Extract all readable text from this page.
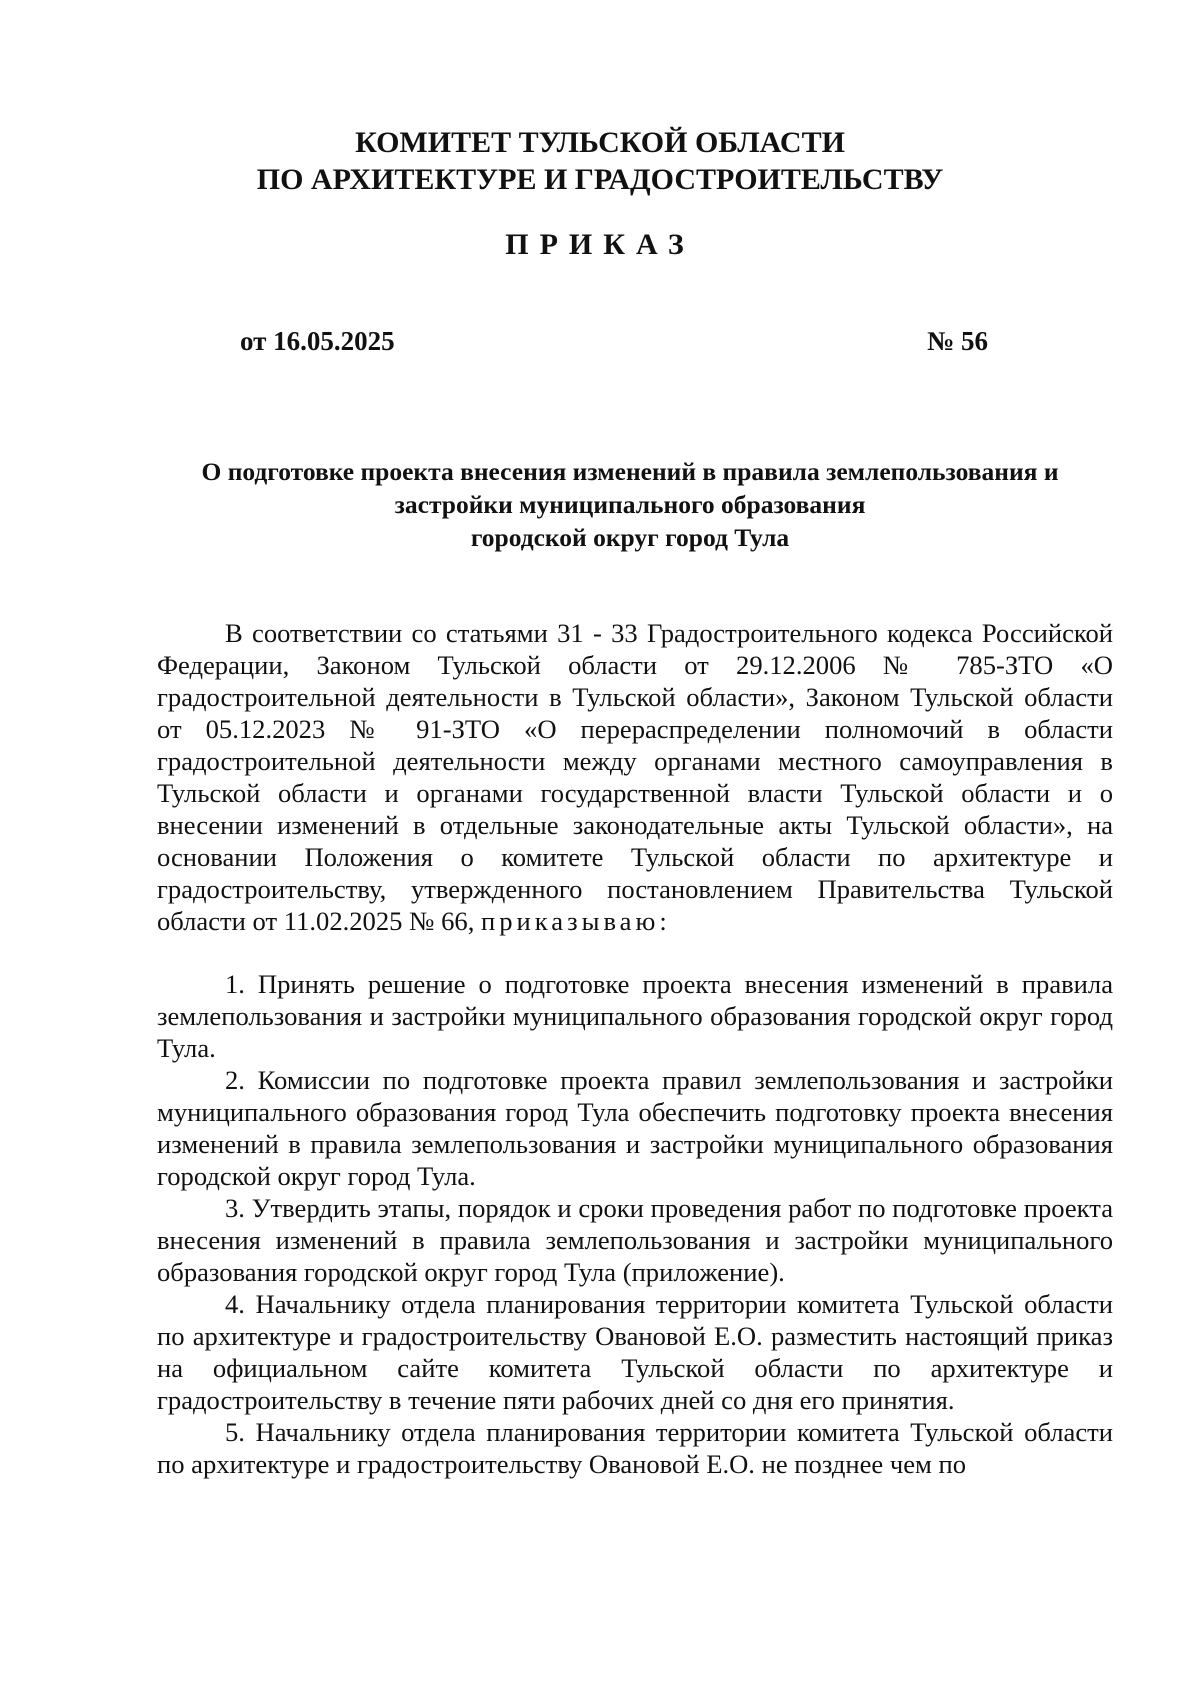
КОМИТЕТ ТУЛЬСКОЙ ОБЛАСТИ
ПО АРХИТЕКТУРЕ И ГРАДОСТРОИТЕЛЬСТВУ
ПРИКАЗ
от 16.05.2025	№ 56
О подготовке проекта внесения изменений в правила землепользования и
застройки муниципального образования
городской округ город Тула

В соответствии со статьями 31 - 33 Градостроительного кодекса Российской Федерации, Законом Тульской области от 29.12.2006 № 785-ЗТО «О градостроительной деятельности в Тульской области», Законом Тульской области от 05.12.2023 № 91-ЗТО «О перераспределении полномочий в области градостроительной деятельности между органами местного самоуправления в Тульской области и органами государственной власти Тульской области и о внесении изменений в отдельные законодательные акты Тульской области», на основании Положения о комитете Тульской области по архитектуре и градостроительству, утвержденного постановлением Правительства Тульской области от 11.02.2025 № 66, приказываю:

1. Принять решение о подготовке проекта внесения изменений в правила землепользования и застройки муниципального образования городской округ город Тула.

2. Комиссии по подготовке проекта правил землепользования и застройки муниципального образования город Тула обеспечить подготовку проекта внесения изменений в правила землепользования и застройки муниципального образования городской округ город Тула.

3. Утвердить этапы, порядок и сроки проведения работ по подготовке проекта внесения изменений в правила землепользования и застройки муниципального образования городской округ город Тула (приложение).

4. Начальнику отдела планирования территории комитета Тульской области по архитектуре и градостроительству Овановой Е.О. разместить настоящий приказ на официальном сайте комитета Тульской области по архитектуре и градостроительству в течение пяти рабочих дней со дня его принятия.

5. Начальнику отдела планирования территории комитета Тульской области по архитектуре и градостроительству Овановой Е.О. не позднее чем по
